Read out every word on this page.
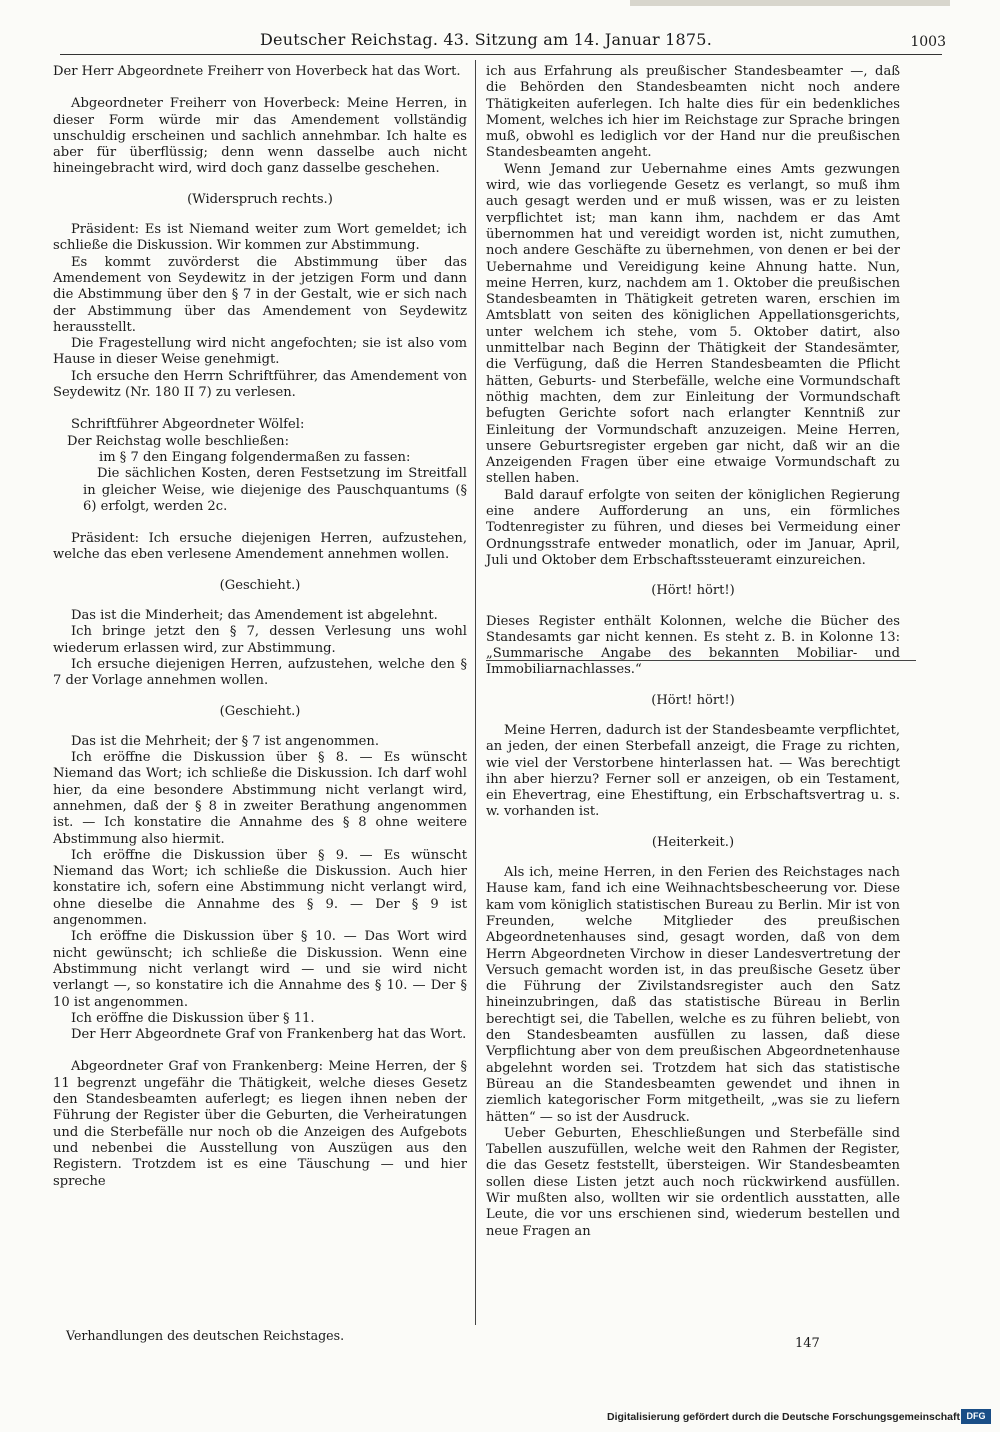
Deutscher Reichstag. 43. Sitzung am 14. Januar 1875.	1003

Der Herr Abgeordnete Freiherr von Hoverbeck hat das Wort.

Abgeordneter Freiherr von Hoverbeck: Meine Herren, in dieser Form würde mir das Amendement vollständig unschuldig erscheinen und sachlich annehmbar. Ich halte es aber für überflüssig; denn wenn dasselbe auch nicht hineingebracht wird, wird doch ganz dasselbe geschehen.

(Widerspruch rechts.)

Präsident: Es ist Niemand weiter zum Wort gemeldet; ich schließe die Diskussion. Wir kommen zur Abstimmung.

Es kommt zuvörderst die Abstimmung über das Amendement von Seydewitz in der jetzigen Form und dann die Abstimmung über den § 7 in der Gestalt, wie er sich nach der Abstimmung über das Amendement von Seydewitz herausstellt.

Die Fragestellung wird nicht angefochten; sie ist also vom Hause in dieser Weise genehmigt.

Ich ersuche den Herrn Schriftführer, das Amendement von Seydewitz (Nr. 180 II 7) zu verlesen.

Schriftführer Abgeordneter Wölfel:

Der Reichstag wolle beschließen:

im § 7 den Eingang folgendermaßen zu fassen:

Die sächlichen Kosten, deren Festsetzung im Streitfall in gleicher Weise, wie diejenige des Pauschquantums (§ 6) erfolgt, werden 2c.

Präsident: Ich ersuche diejenigen Herren, aufzustehen, welche das eben verlesene Amendement annehmen wollen.

(Geschieht.)

Das ist die Minderheit; das Amendement ist abgelehnt.

Ich bringe jetzt den § 7, dessen Verlesung uns wohl wiederum erlassen wird, zur Abstimmung.

Ich ersuche diejenigen Herren, aufzustehen, welche den § 7 der Vorlage annehmen wollen.

(Geschieht.)

Das ist die Mehrheit; der § 7 ist angenommen.

Ich eröffne die Diskussion über § 8. — Es wünscht Niemand das Wort; ich schließe die Diskussion. Ich darf wohl hier, da eine besondere Abstimmung nicht verlangt wird, annehmen, daß der § 8 in zweiter Berathung angenommen ist. — Ich konstatire die Annahme des § 8 ohne weitere Abstimmung also hiermit.

Ich eröffne die Diskussion über § 9. — Es wünscht Niemand das Wort; ich schließe die Diskussion. Auch hier konstatire ich, sofern eine Abstimmung nicht verlangt wird, ohne dieselbe die Annahme des § 9. — Der § 9 ist angenommen.

Ich eröffne die Diskussion über § 10. — Das Wort wird nicht gewünscht; ich schließe die Diskussion. Wenn eine Abstimmung nicht verlangt wird — und sie wird nicht verlangt —, so konstatire ich die Annahme des § 10. — Der § 10 ist angenommen.

Ich eröffne die Diskussion über § 11.

Der Herr Abgeordnete Graf von Frankenberg hat das Wort.

Abgeordneter Graf von Frankenberg: Meine Herren, der § 11 begrenzt ungefähr die Thätigkeit, welche dieses Gesetz den Standesbeamten auferlegt; es liegen ihnen neben der Führung der Register über die Geburten, die Verheiratungen und die Sterbefälle nur noch ob die Anzeigen des Aufgebots und nebenbei die Ausstellung von Auszügen aus den Registern. Trotzdem ist es eine Täuschung — und hier spreche

ich aus Erfahrung als preußischer Standesbeamter —, daß die Behörden den Standesbeamten nicht noch andere Thätigkeiten auferlegen. Ich halte dies für ein bedenkliches Moment, welches ich hier im Reichstage zur Sprache bringen muß, obwohl es lediglich vor der Hand nur die preußischen Standesbeamten angeht.

Wenn Jemand zur Uebernahme eines Amts gezwungen wird, wie das vorliegende Gesetz es verlangt, so muß ihm auch gesagt werden und er muß wissen, was er zu leisten verpflichtet ist; man kann ihm, nachdem er das Amt übernommen hat und vereidigt worden ist, nicht zumuthen, noch andere Geschäfte zu übernehmen, von denen er bei der Uebernahme und Vereidigung keine Ahnung hatte. Nun, meine Herren, kurz, nachdem am 1. Oktober die preußischen Standesbeamten in Thätigkeit getreten waren, erschien im Amtsblatt von seiten des königlichen Appellationsgerichts, unter welchem ich stehe, vom 5. Oktober datirt, also unmittelbar nach Beginn der Thätigkeit der Standesämter, die Verfügung, daß die Herren Standesbeamten die Pflicht hätten, Geburts- und Sterbefälle, welche eine Vormundschaft nöthig machten, dem zur Einleitung der Vormundschaft befugten Gerichte sofort nach erlangter Kenntniß zur Einleitung der Vormundschaft anzuzeigen. Meine Herren, unsere Geburtsregister ergeben gar nicht, daß wir an die Anzeigenden Fragen über eine etwaige Vormundschaft zu stellen haben.

Bald darauf erfolgte von seiten der königlichen Regierung eine andere Aufforderung an uns, ein förmliches Todtenregister zu führen, und dieses bei Vermeidung einer Ordnungsstrafe entweder monatlich, oder im Januar, April, Juli und Oktober dem Erbschaftssteueramt einzureichen.

(Hört! hört!)

Dieses Register enthält Kolonnen, welche die Bücher des Standesamts gar nicht kennen. Es steht z. B. in Kolonne 13: „Summarische Angabe des bekannten Mobiliar- und Immobiliarnachlasses.“

(Hört! hört!)

Meine Herren, dadurch ist der Standesbeamte verpflichtet, an jeden, der einen Sterbefall anzeigt, die Frage zu richten, wie viel der Verstorbene hinterlassen hat. — Was berechtigt ihn aber hierzu? Ferner soll er anzeigen, ob ein Testament, ein Ehevertrag, eine Ehestiftung, ein Erbschaftsvertrag u. s. w. vorhanden ist.

(Heiterkeit.)

Als ich, meine Herren, in den Ferien des Reichstages nach Hause kam, fand ich eine Weihnachtsbescheerung vor. Diese kam vom königlich statistischen Bureau zu Berlin. Mir ist von Freunden, welche Mitglieder des preußischen Abgeordnetenhauses sind, gesagt worden, daß von dem Herrn Abgeordneten Virchow in dieser Landesvertretung der Versuch gemacht worden ist, in das preußische Gesetz über die Führung der Zivilstandsregister auch den Satz hineinzubringen, daß das statistische Büreau in Berlin berechtigt sei, die Tabellen, welche es zu führen beliebt, von den Standesbeamten ausfüllen zu lassen, daß diese Verpflichtung aber von dem preußischen Abgeordnetenhause abgelehnt worden sei. Trotzdem hat sich das statistische Büreau an die Standesbeamten gewendet und ihnen in ziemlich kategorischer Form mitgetheilt, „was sie zu liefern hätten“ — so ist der Ausdruck.

Ueber Geburten, Eheschließungen und Sterbefälle sind Tabellen auszufüllen, welche weit den Rahmen der Register, die das Gesetz feststellt, übersteigen. Wir Standesbeamten sollen diese Listen jetzt auch noch rückwirkend ausfüllen. Wir mußten also, wollten wir sie ordentlich ausstatten, alle Leute, die vor uns erschienen sind, wiederum bestellen und neue Fragen an

Verhandlungen des deutschen Reichstages.
147
Digitalisierung gefördert durch die Deutsche Forschungsgemeinschaft DFG
